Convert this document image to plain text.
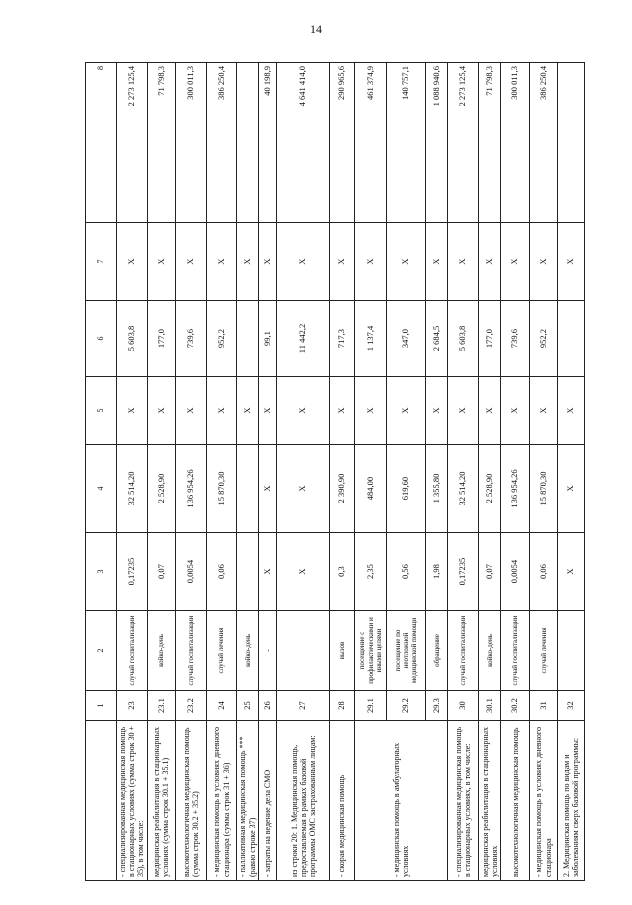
14
	1	2	3	4	5	6	7	8
- специализированная медицинская помощь в стационарных условиях (сумма строк 30 + 35), в том числе:	23	случай госпитализации	0,17235	32 514,20	Х	5 603,8	Х	2 273 125,4
медицинская реабилитация в стационарных условиях (сумма строк 30.1 + 35.1)	23.1	койко-день	0,07	2 528,90	Х	177,0	Х	71 798,3
высокотехнологичная медицинская помощь (сумма строк 30.2 + 35.2)	23.2	случай госпитализации	0,0054	136 954,26	Х	739,6	Х	300 011,3
- медицинская помощь в условиях дневного стационара (сумма строк 31 + 36)	24	случай лечения	0,06	15 870,30	Х	952,2	Х	386 250,4
- паллиативная медицинская помощь *** (равно строке 37)	25	койко-день			Х		Х	
- затраты на ведение дела СМО	26	-	Х	Х	Х	99,1	Х	40 198,9
из строки 20: 1. Медицинская помощь, предоставляемая в рамках базовой программы ОМС застрахованным лицам:	27		Х	Х	Х	11 442,2	Х	4 641 414,0
- скорая медицинская помощь	28	вызов	0,3	2 390,90	Х	717,3	Х	290 965,6
- медицинская помощь в амбулаторных условиях	29.1	посещение с профилактическими и иными целями	2,35	484,00	Х	1 137,4	Х	461 374,9
	29.2	посещение по неотложной медицинской помощи	0,56	619,60	Х	347,0	Х	140 757,1
	29.3	обращение	1,98	1 355,80	Х	2 684,5	Х	1 088 940,6
- специализированная медицинская помощь в стационарных условиях, в том числе:	30	случай госпитализации	0,17235	32 514,20	Х	5 603,8	Х	2 273 125,4
медицинская реабилитация в стационарных условиях	30.1	койко-день	0,07	2 528,90	Х	177,0	Х	71 798,3
высокотехнологичная медицинская помощь	30.2	случай госпитализации	0,0054	136 954,26	Х	739,6	Х	300 011,3
- медицинская помощь в условиях дневного стационара	31	случай лечения	0,06	15 870,30	Х	952,2	Х	386 250,4
2. Медицинская помощь по видам и заболеваниям сверх базовой программы:	32		Х	Х	Х		Х	
